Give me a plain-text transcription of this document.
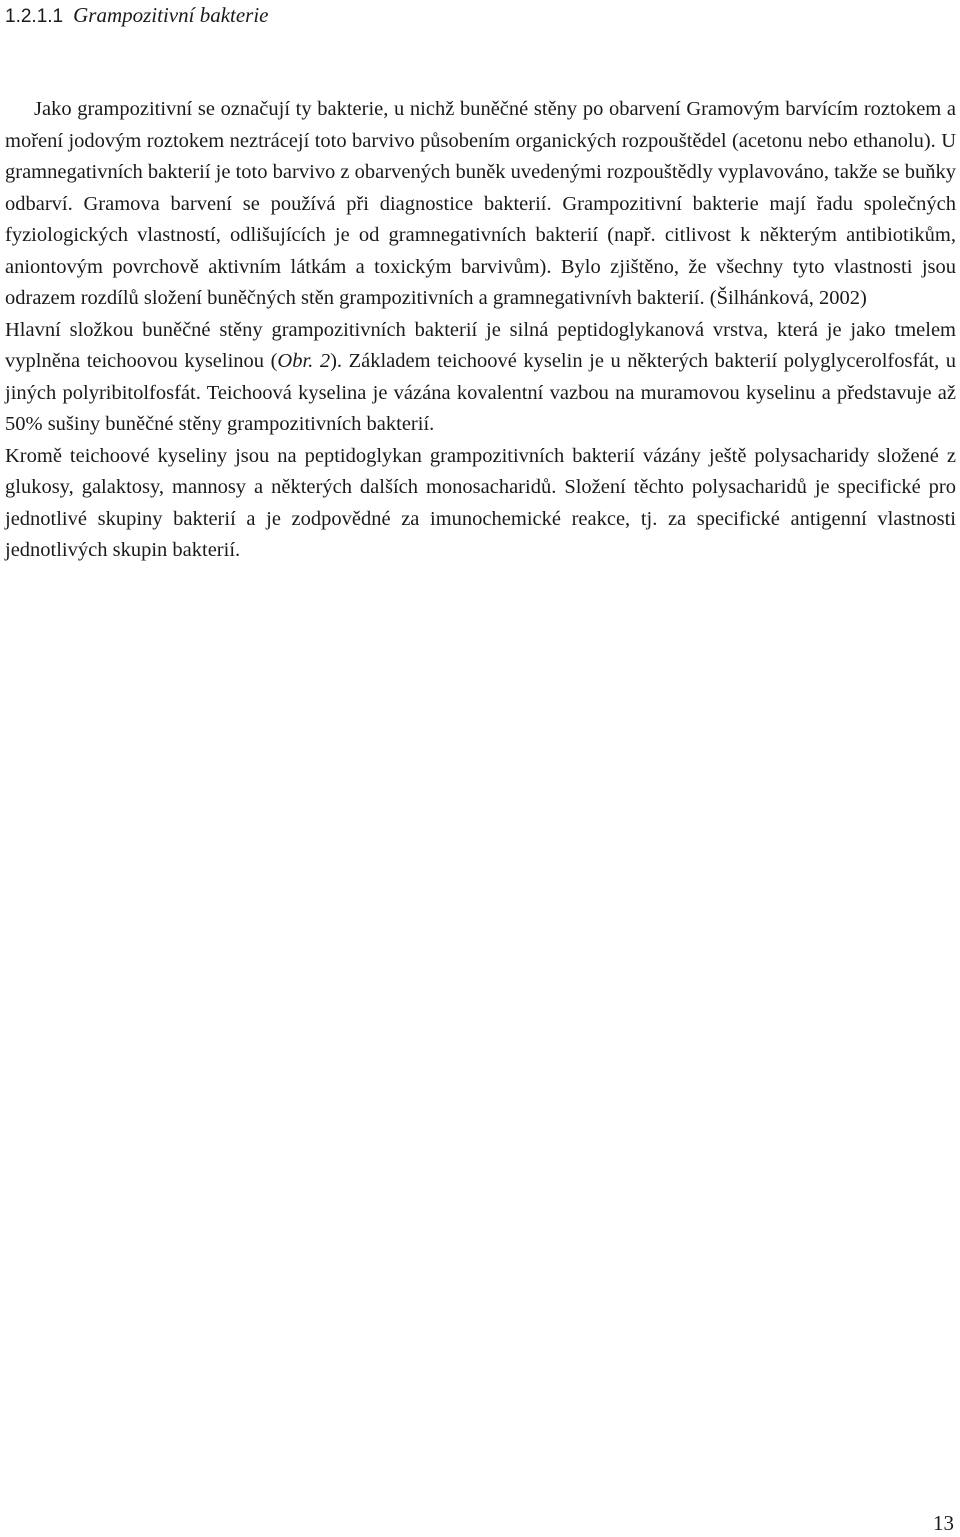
1.2.1.1 Grampozitivní bakterie

Jako grampozitivní se označují ty bakterie, u nichž buněčné stěny po obarvení Gramovým barvícím roztokem a moření jodovým roztokem neztrácejí toto barvivo působením organických rozpouštědel (acetonu nebo ethanolu). U gramnegativních bakterií je toto barvivo z obarvených buněk uvedenými rozpouštědly vyplavováno, takže se buňky odbarví. Gramova barvení se používá při diagnostice bakterií. Grampozitivní bakterie mají řadu společných fyziologických vlastností, odlišujících je od gramnegativních bakterií (např. citlivost k některým antibiotikům, aniontovým povrchově aktivním látkám a toxickým barvivům). Bylo zjištěno, že všechny tyto vlastnosti jsou odrazem rozdílů složení buněčných stěn grampozitivních a gramnegativnívh bakterií. (Šilhánková, 2002)

Hlavní složkou buněčné stěny grampozitivních bakterií je silná peptidoglykanová vrstva, která je jako tmelem vyplněna teichoovou kyselinou (Obr. 2). Základem teichoové kyselin je u některých bakterií polyglycerolfosfát, u jiných polyribitolfosfát. Teichoová kyselina je vázána kovalentní vazbou na muramovou kyselinu a představuje až 50% sušiny buněčné stěny grampozitivních bakterií.

Kromě teichoové kyseliny jsou na peptidoglykan grampozitivních bakterií vázány ještě polysacharidy složené z glukosy, galaktosy, mannosy a některých dalších monosacharidů. Složení těchto polysacharidů je specifické pro jednotlivé skupiny bakterií a je zodpovědné za imunochemické reakce, tj. za specifické antigenní vlastnosti jednotlivých skupin bakterií.

13
